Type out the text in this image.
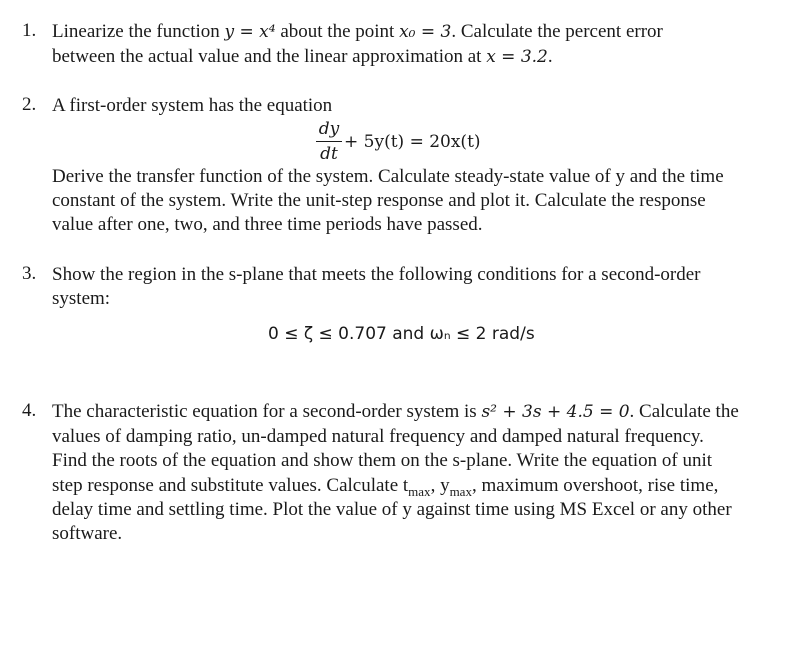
1. Linearize the function y = x⁴ about the point x₀ = 3. Calculate the percent error
between the actual value and the linear approximation at x = 3.2.
2. A first-order system has the equation
dy
dt
+ 5y(t) = 20x(t)
Derive the transfer function of the system. Calculate steady-state value of y and the time
constant of the system. Write the unit-step response and plot it. Calculate the response
value after one, two, and three time periods have passed.
3. Show the region in the s-plane that meets the following conditions for a second-order
system:
0 ≤ ζ ≤ 0.707 and ωₙ ≤ 2 rad/s
4. The characteristic equation for a second-order system is s² + 3s + 4.5 = 0. Calculate the
values of damping ratio, un-damped natural frequency and damped natural frequency.
Find the roots of the equation and show them on the s-plane. Write the equation of unit
step response and substitute values. Calculate $t_{max}$, $y_{max}$, maximum overshoot, rise time,
delay time and settling time. Plot the value of y against time using MS Excel or any other
software.
